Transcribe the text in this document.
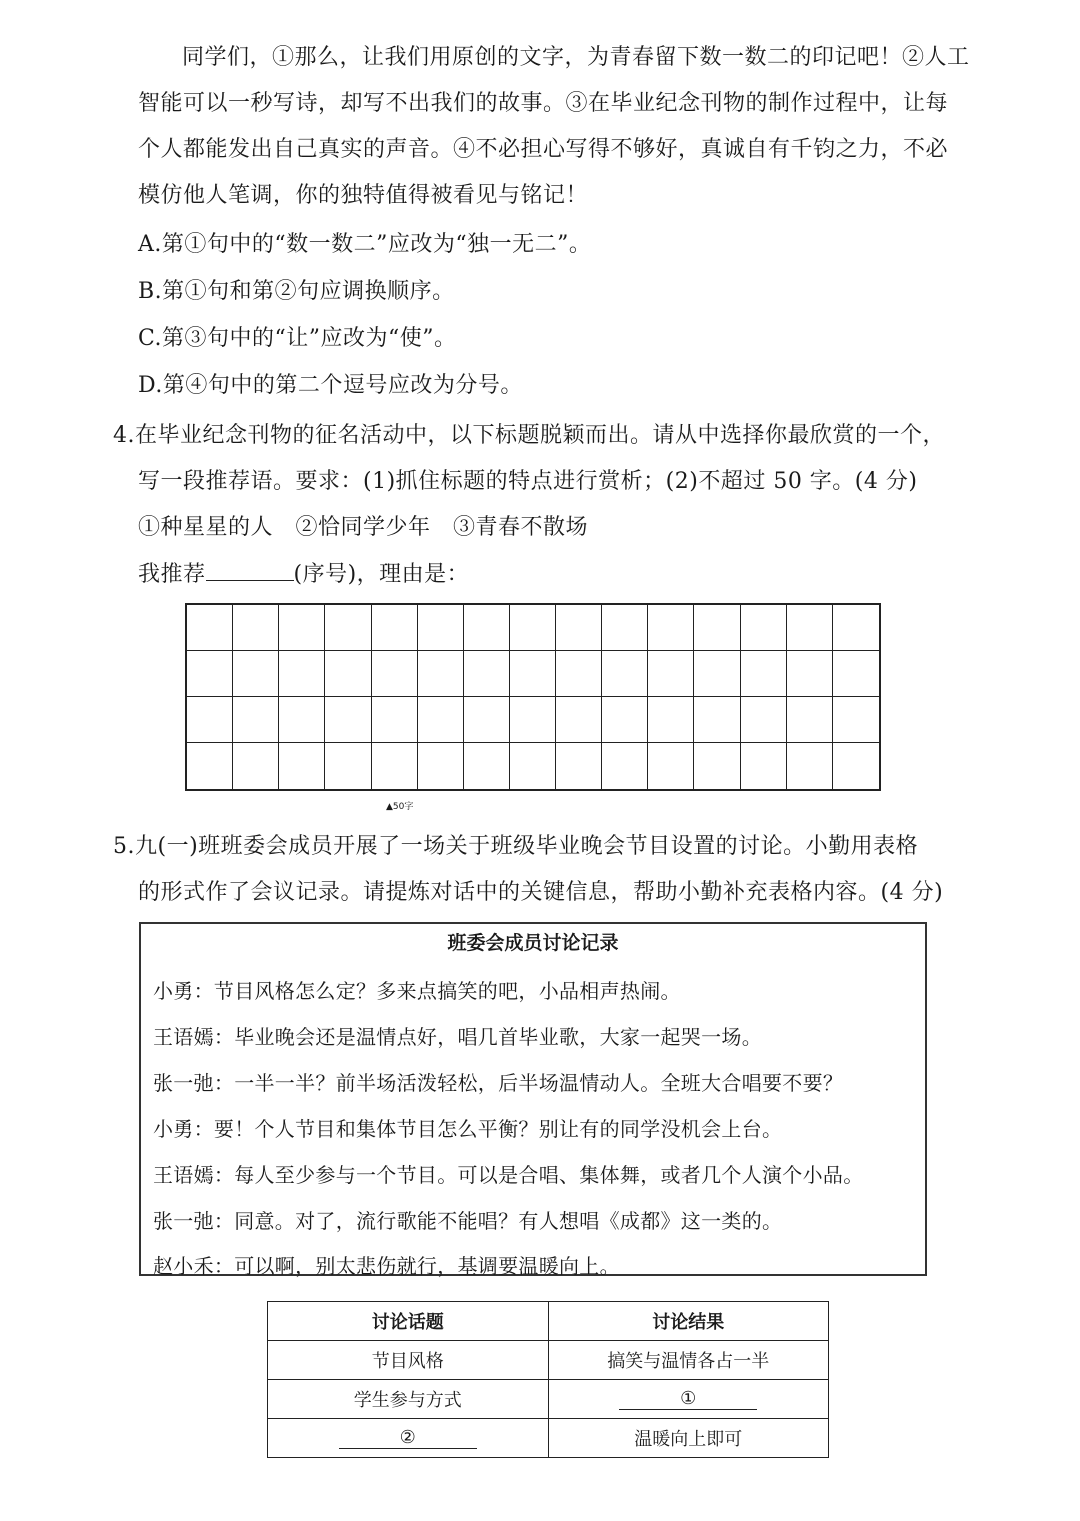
同学们，①那么，让我们用原创的文字，为青春留下数一数二的印记吧！②人工
智能可以一秒写诗，却写不出我们的故事。③在毕业纪念刊物的制作过程中，让每
个人都能发出自己真实的声音。④不必担心写得不够好，真诚自有千钧之力，不必
模仿他人笔调，你的独特值得被看见与铭记！
A.第①句中的“数一数二”应改为“独一无二”。
B.第①句和第②句应调换顺序。
C.第③句中的“让”应改为“使”。
D.第④句中的第二个逗号应改为分号。
4.在毕业纪念刊物的征名活动中，以下标题脱颖而出。请从中选择你最欣赏的一个，
写一段推荐语。要求：(1)抓住标题的特点进行赏析；(2)不超过 50 字。(4 分)
①种星星的人　②恰同学少年　③青春不散场
我推荐	(序号)，理由是：
▲50字
5.九(一)班班委会成员开展了一场关于班级毕业晚会节目设置的讨论。小勤用表格
的形式作了会议记录。请提炼对话中的关键信息，帮助小勤补充表格内容。(4 分)
班委会成员讨论记录
小勇：节目风格怎么定？多来点搞笑的吧，小品相声热闹。
王语嫣：毕业晚会还是温情点好，唱几首毕业歌，大家一起哭一场。
张一弛：一半一半？前半场活泼轻松，后半场温情动人。全班大合唱要不要？
小勇：要！个人节目和集体节目怎么平衡？别让有的同学没机会上台。
王语嫣：每人至少参与一个节目。可以是合唱、集体舞，或者几个人演个小品。
张一弛：同意。对了，流行歌能不能唱？有人想唱《成都》这一类的。
赵小禾：可以啊，别太悲伤就行，基调要温暖向上。
讨论话题	讨论结果
节目风格	搞笑与温情各占一半
学生参与方式	①
②	温暖向上即可
